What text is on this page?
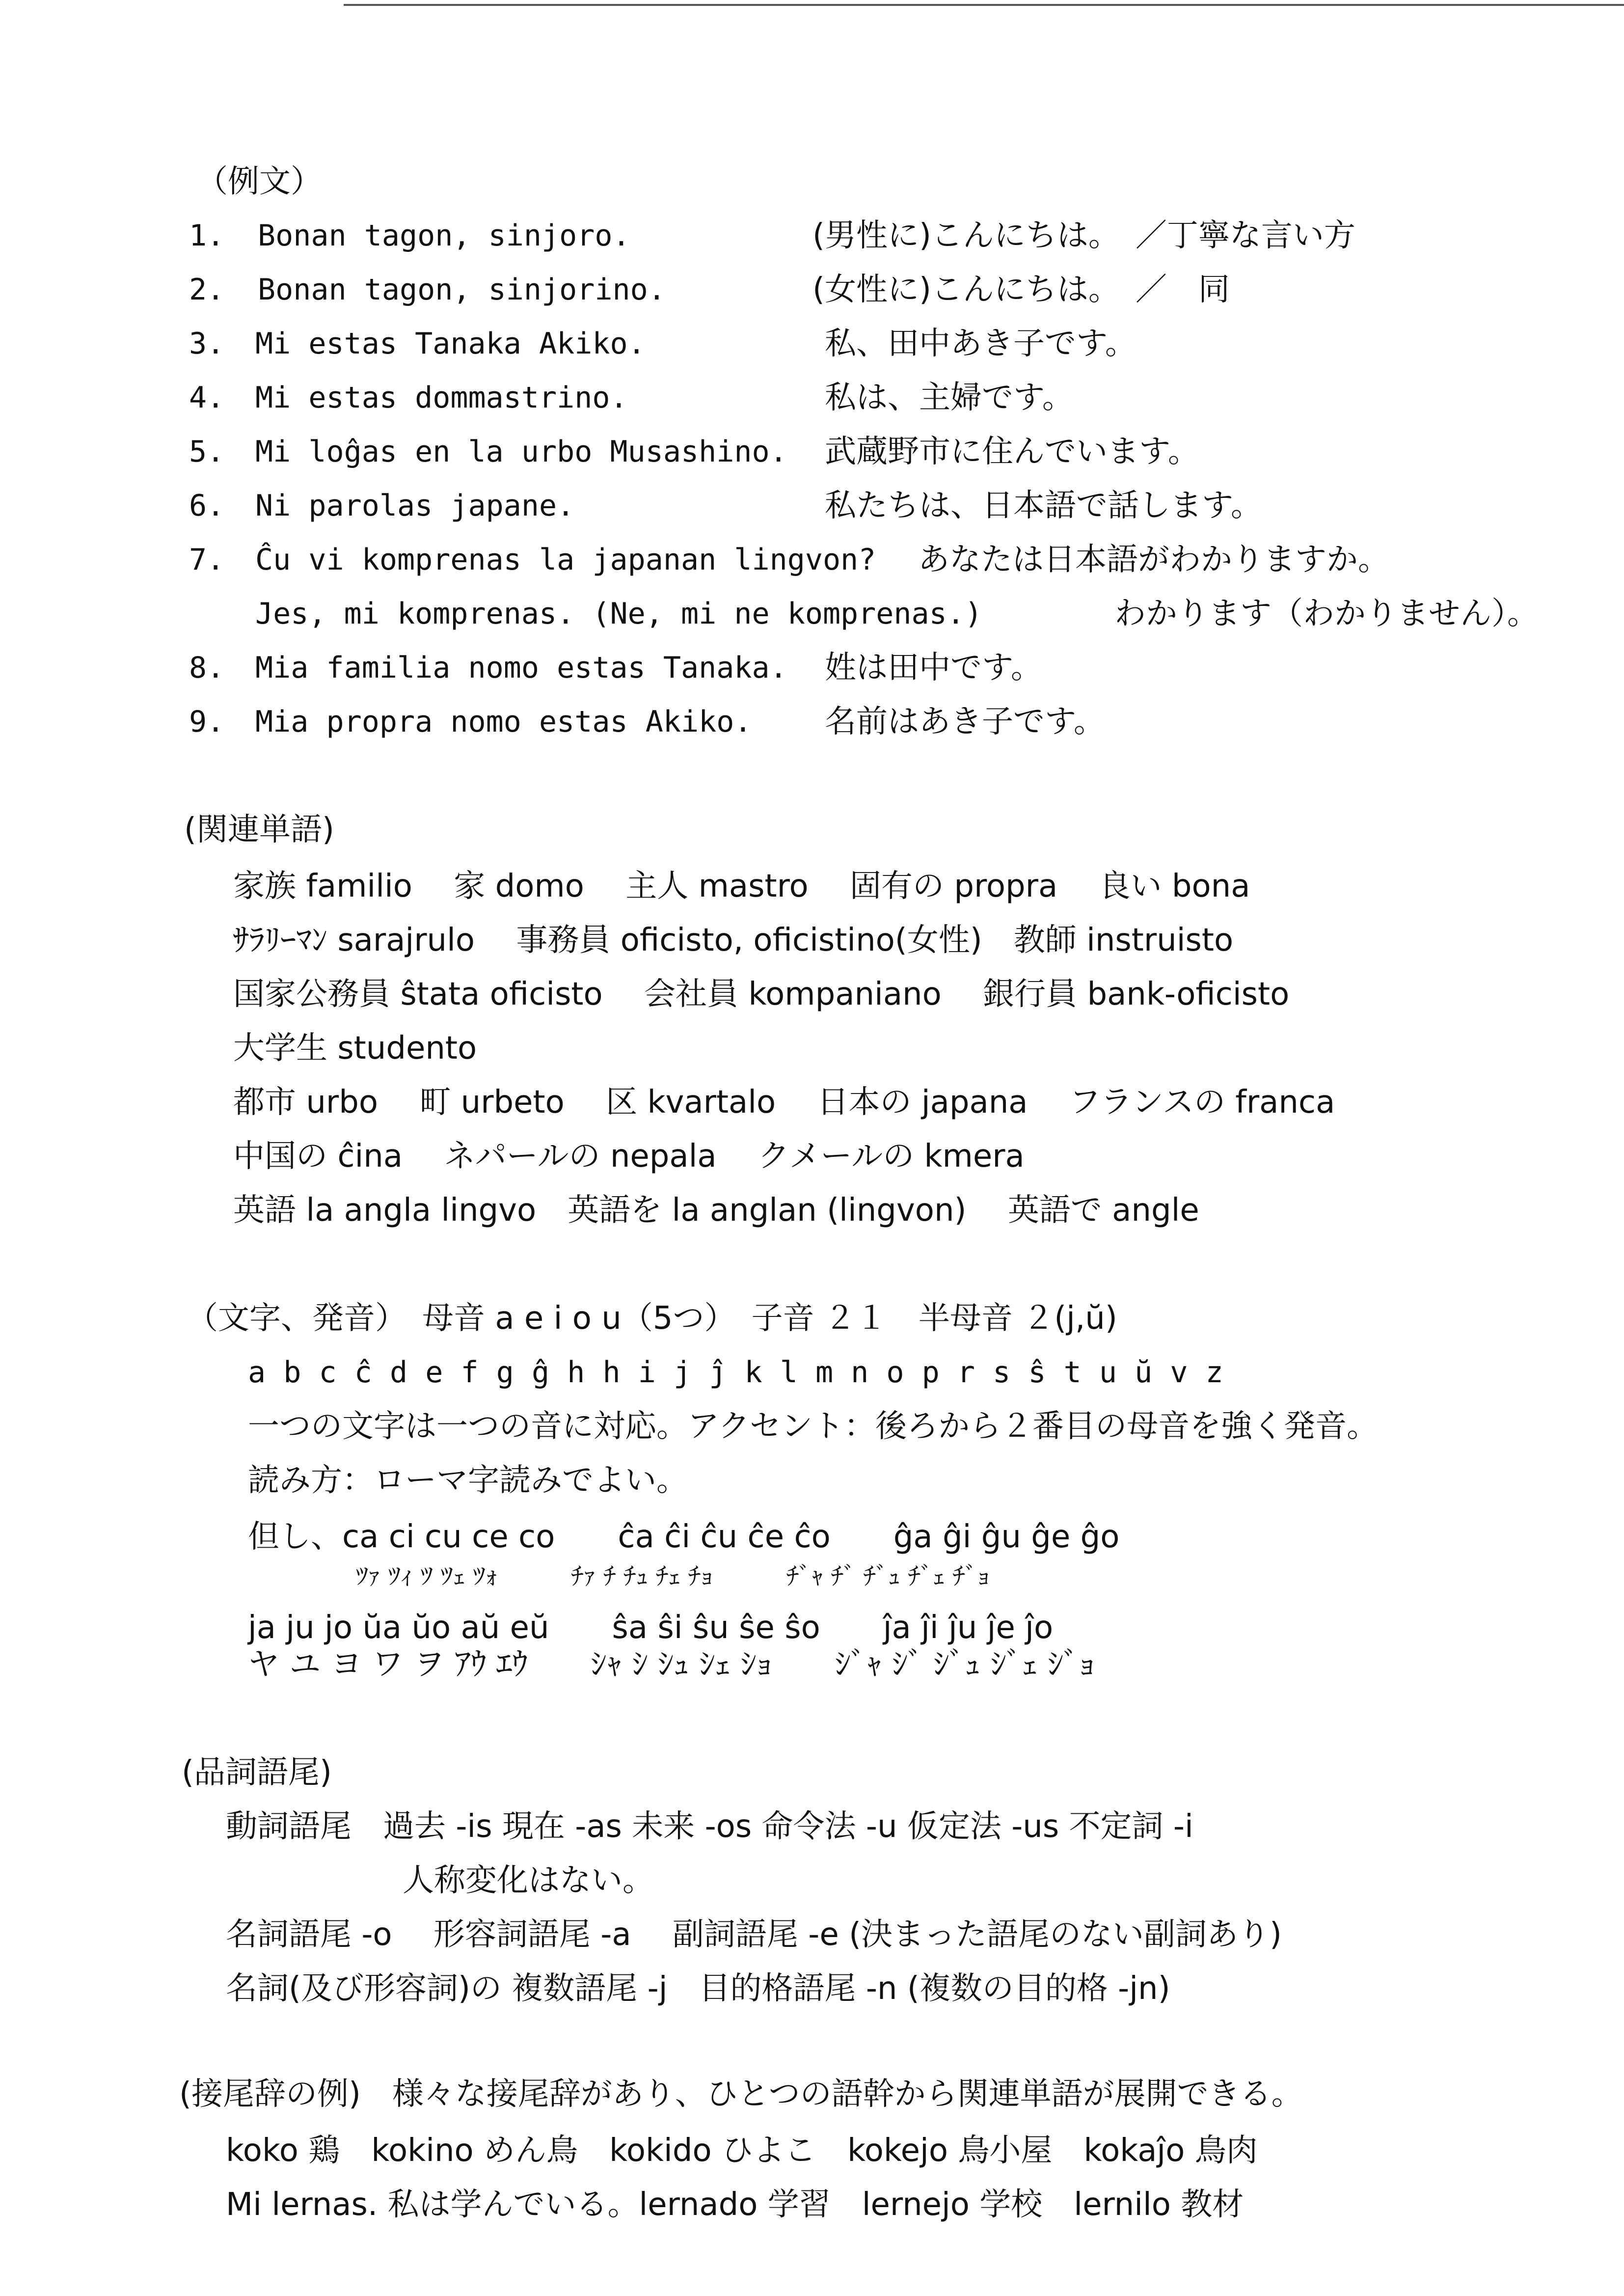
（例文）
1. Bonan tagon, sinjoro.	(男性に)こんにちは。　／丁寧な言い方
2. Bonan tagon, sinjorino.	(女性に)こんにちは。　／　同
3. Mi estas Tanaka Akiko.	私、田中あき子です。
4. Mi estas dommastrino.	私は、主婦です。
5. Mi loĝas en la urbo Musashino. 武蔵野市に住んでいます。
6. Ni parolas japane.	私たちは、日本語で話します。
7. Ĉu vi komprenas la japanan lingvon? あなたは日本語がわかりますか。
Jes, mi komprenas. (Ne, mi ne komprenas.)	わかります（わかりません）。
8. Mia familia nomo estas Tanaka. 姓は田中です。
9. Mia propra nomo estas Akiko. 名前はあき子です。
(関連単語)
家族 familio　 家 domo　 主人 mastro　 固有の propra　 良い bona
ｻﾗﾘｰﾏﾝ sarajrulo　 事務員 oficisto, oficistino(女性)　教師 instruisto
国家公務員 ŝtata oficisto　 会社員 kompaniano　 銀行員 bank-oficisto
大学生 studento
都市 urbo　 町 urbeto　 区 kvartalo　 日本の japana　 フランスの franca
中国の ĉina　 ネパールの nepala　 クメールの kmera
英語 la angla lingvo　英語を la anglan (lingvon)　 英語で angle
（文字、発音）　母音 a e i o u（5つ）　子音 ２１　半母音 ２(j,ŭ)
a b c ĉ d e f g ĝ h h i j ĵ k l m n o p r s ŝ t u ŭ v z
一つの文字は一つの音に対応。アクセント：後ろから２番目の母音を強く発音。
読み方：ローマ字読みでよい。
但し、ca ci cu ce co　　ĉa ĉi ĉu ĉe ĉo　　ĝa ĝi ĝu ĝe ĝo
ﾂｧ ﾂｨ ﾂ ﾂｪ ﾂｫ　　　ﾁｧ ﾁ ﾁｭ ﾁｪ ﾁｮ　　　ﾁﾞｬ ﾁﾞ ﾁﾞｭ ﾁﾞｪ ﾁﾞｮ
ja ju jo ŭa ŭo aŭ eŭ　　ŝa ŝi ŝu ŝe ŝo　　ĵa ĵi ĵu ĵe ĵo
ヤ ユ ヨ ワ ヲ ｱｳ ｴｳ　　ｼｬ ｼ ｼｭ ｼｪ ｼｮ　　ｼﾞｬ ｼﾞ ｼﾞｭ ｼﾞｪ ｼﾞｮ
(品詞語尾)
動詞語尾　過去 -is 現在 -as 未来 -os 命令法 -u 仮定法 -us 不定詞 -i
人称変化はない。
名詞語尾 -o　 形容詞語尾 -a　 副詞語尾 -e (決まった語尾のない副詞あり)
名詞(及び形容詞)の 複数語尾 -j　目的格語尾 -n (複数の目的格 -jn)
(接尾辞の例)　様々な接尾辞があり、ひとつの語幹から関連単語が展開できる。
koko 鶏　kokino めん鳥　kokido ひよこ　kokejo 鳥小屋　kokaĵo 鳥肉
Mi lernas. 私は学んでいる。lernado 学習　lernejo 学校　lernilo 教材
